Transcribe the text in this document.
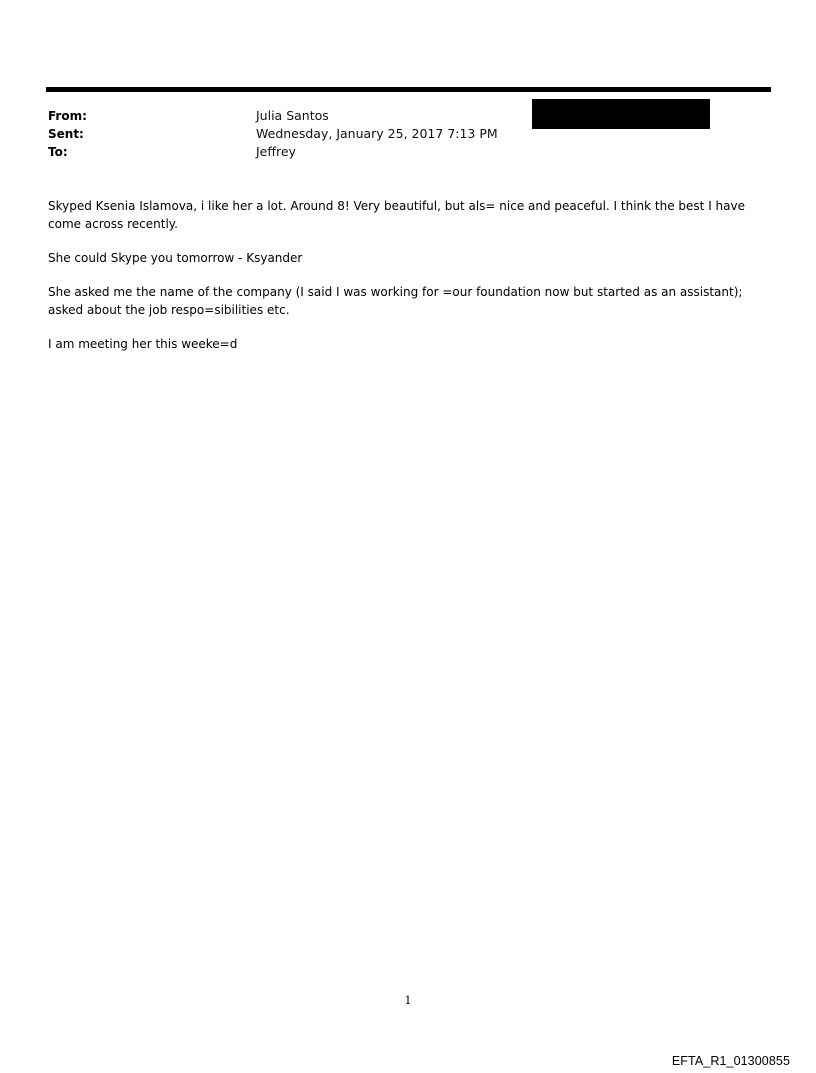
From:	Julia Santos
Sent:	Wednesday, January 25, 2017 7:13 PM
To:	Jeffrey

Skyped Ksenia Islamova, i like her a lot. Around 8! Very beautiful, but als= nice and peaceful. I think the best I have come across recently.

She could Skype you tomorrow - Ksyander

She asked me the name of the company (I said I was working for =our foundation now but started as an assistant); asked about the job respo=sibilities etc.

I am meeting her this weeke=d

1
EFTA_R1_01300855
